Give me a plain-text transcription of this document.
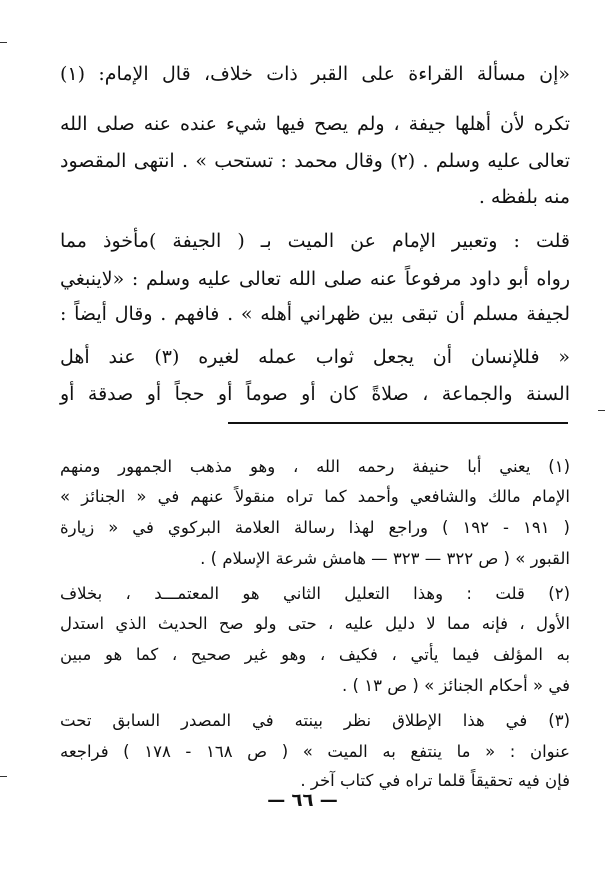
«إن مسألة القراءة على القبر ذات خلاف، قال الإمام: (١)
تكره لأن أهلها جيفة ، ولم يصح فيها شيء عنده عنه صلى الله
تعالى عليه وسلم . (٢) وقال محمد : تستحب » . انتهى المقصود
منه بلفظه .
قلت : وتعبير الإمام عن الميت بـ ( الجيفة )مأخوذ مما
رواه أبو داود مرفوعاً عنه صلى الله تعالى عليه وسلم : «لاينبغي
لجيفة مسلم أن تبقى بين ظهراني أهله » . فافهم . وقال أيضاً :
« فللإنسان أن يجعل ثواب عمله لغيره (٣) عند أهل
السنة والجماعة ، صلاةً كان أو صوماً أو حجاً أو صدقة أو
(١) يعني أبا حنيفة رحمه الله ، وهو مذهب الجمهور ومنهم
الإمام مالك والشافعي وأحمد كما تراه منقولاً عنهم في « الجنائز »
( ١٩١ - ١٩٢ ) وراجع لهذا رسالة العلامة البركوي في « زيارة
القبور » ( ص ٣٢٢ — ٣٢٣ — هامش شرعة الإسلام ) .
(٢) قلت : وهذا التعليل الثاني هو المعتمـــد ، بخلاف
الأول ، فإنه مما لا دليل عليه ، حتى ولو صح الحديث الذي استدل
به المؤلف فيما يأتي ، فكيف ، وهو غير صحيح ، كما هو مبين
في « أحكام الجنائز » ( ص ١٣ ) .
(٣) في هذا الإطلاق نظر بينته في المصدر السابق تحت
عنوان : « ما ينتفع به الميت » ( ص ١٦٨ - ١٧٨ ) فراجعه
فإن فيه تحقيقاً قلما تراه في كتاب آخر .
— ٦٦ —
